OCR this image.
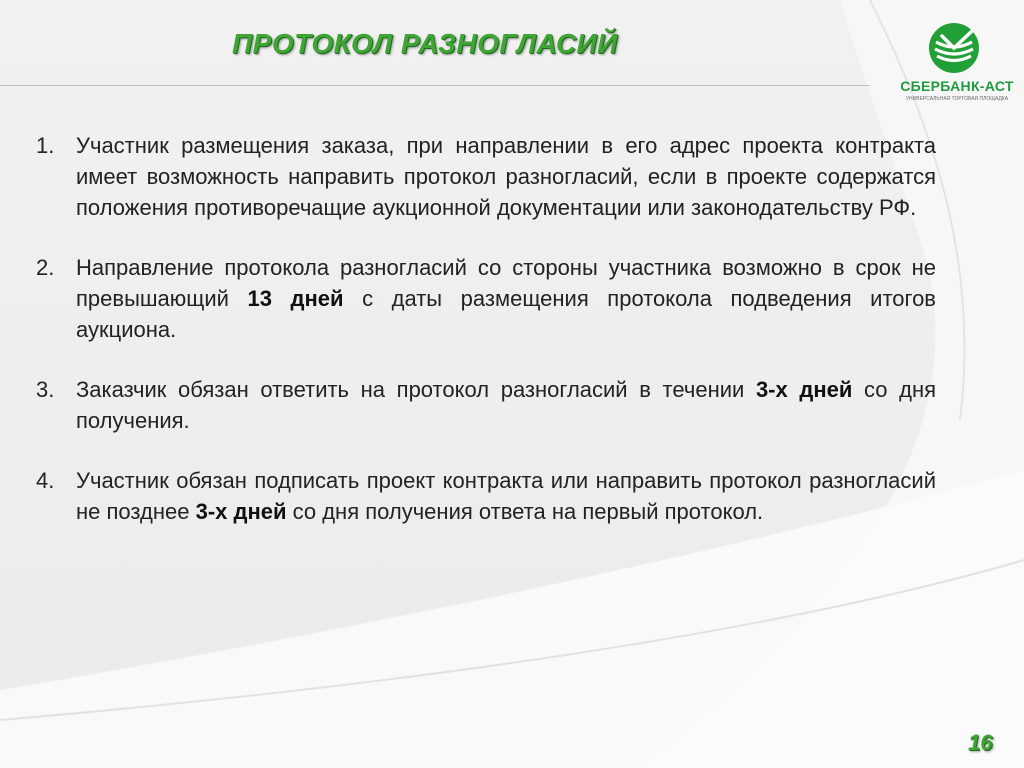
ПРОТОКОЛ РАЗНОГЛАСИЙ
СБЕРБАНК-АСТ
УНИВЕРСАЛЬНАЯ ТОРГОВАЯ ПЛОЩАДКА
1. Участник размещения заказа, при направлении в его адрес проекта контракта имеет возможность направить протокол разногласий, если в проекте содержатся положения противоречащие аукционной документации или законодательству РФ.
2. Направление протокола разногласий со стороны участника возможно в срок не превышающий 13 дней с даты размещения протокола подведения итогов аукциона.
3. Заказчик обязан ответить на протокол разногласий в течении 3-х дней со дня получения.
4. Участник обязан подписать проект контракта или направить протокол разногласий не позднее 3-х дней со дня получения ответа на первый протокол.
16
